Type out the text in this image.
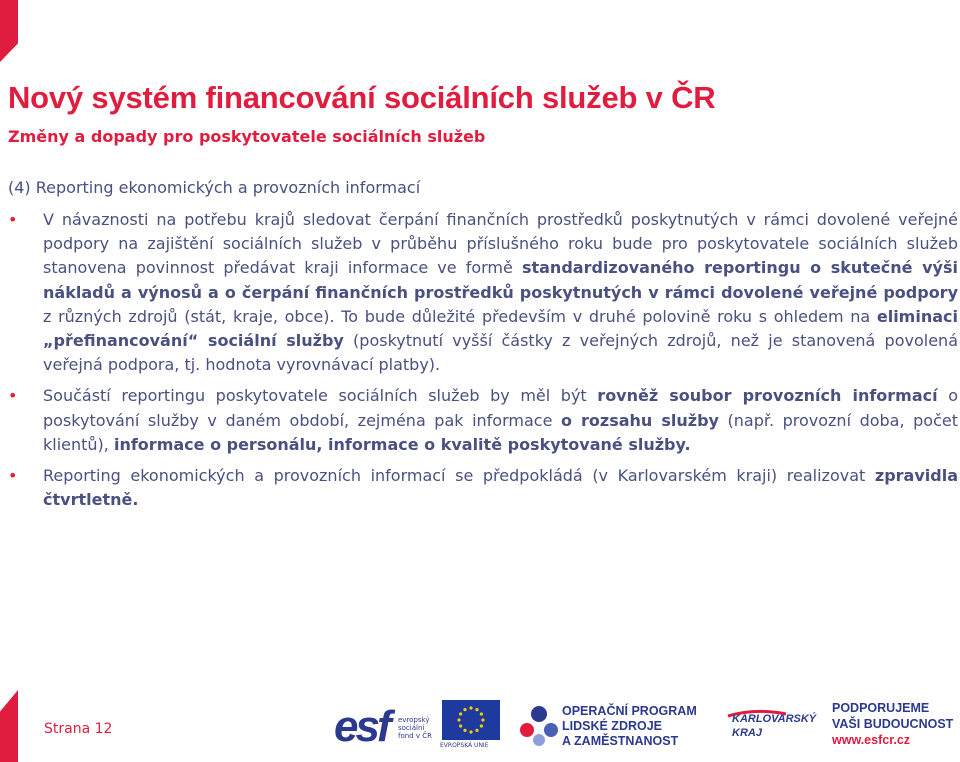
Nový systém financování sociálních služeb v ČR
Změny a dopady pro poskytovatele sociálních služeb
(4) Reporting ekonomických a provozních informací
• V návaznosti na potřebu krajů sledovat čerpání finančních prostředků poskytnutých v rámci dovolené veřejné podpory na zajištění sociálních služeb v průběhu příslušného roku bude pro poskytovatele sociálních služeb stanovena povinnost předávat kraji informace ve formě standardizovaného reportingu o skutečné výši nákladů a výnosů a o čerpání finančních prostředků poskytnutých v rámci dovolené veřejné podpory z různých zdrojů (stát, kraje, obce). To bude důležité především v druhé polovině roku s ohledem na eliminaci „přefinancování“ sociální služby (poskytnutí vyšší částky z veřejných zdrojů, než je stanovená povolená veřejná podpora, tj. hodnota vyrovnávací platby).
• Součástí reportingu poskytovatele sociálních služeb by měl být rovněž soubor provozních informací o poskytování služby v daném období, zejména pak informace o rozsahu služby (např. provozní doba, počet klientů), informace o personálu, informace o kvalitě poskytované služby.
• Reporting ekonomických a provozních informací se předpokládá (v Karlovarském kraji) realizovat zpravidla čtvrtletně.
Strana 12	esf evropský
sociální
fond v ČR
EVROPSKÁ UNIE
OPERAČNÍ PROGRAM
LIDSKÉ ZDROJE
A ZAMĚSTNANOST
KARLOVARSKÝ
KRAJ
PODPORUJEME
VAŠI BUDOUCNOST
www.esfcr.cz
